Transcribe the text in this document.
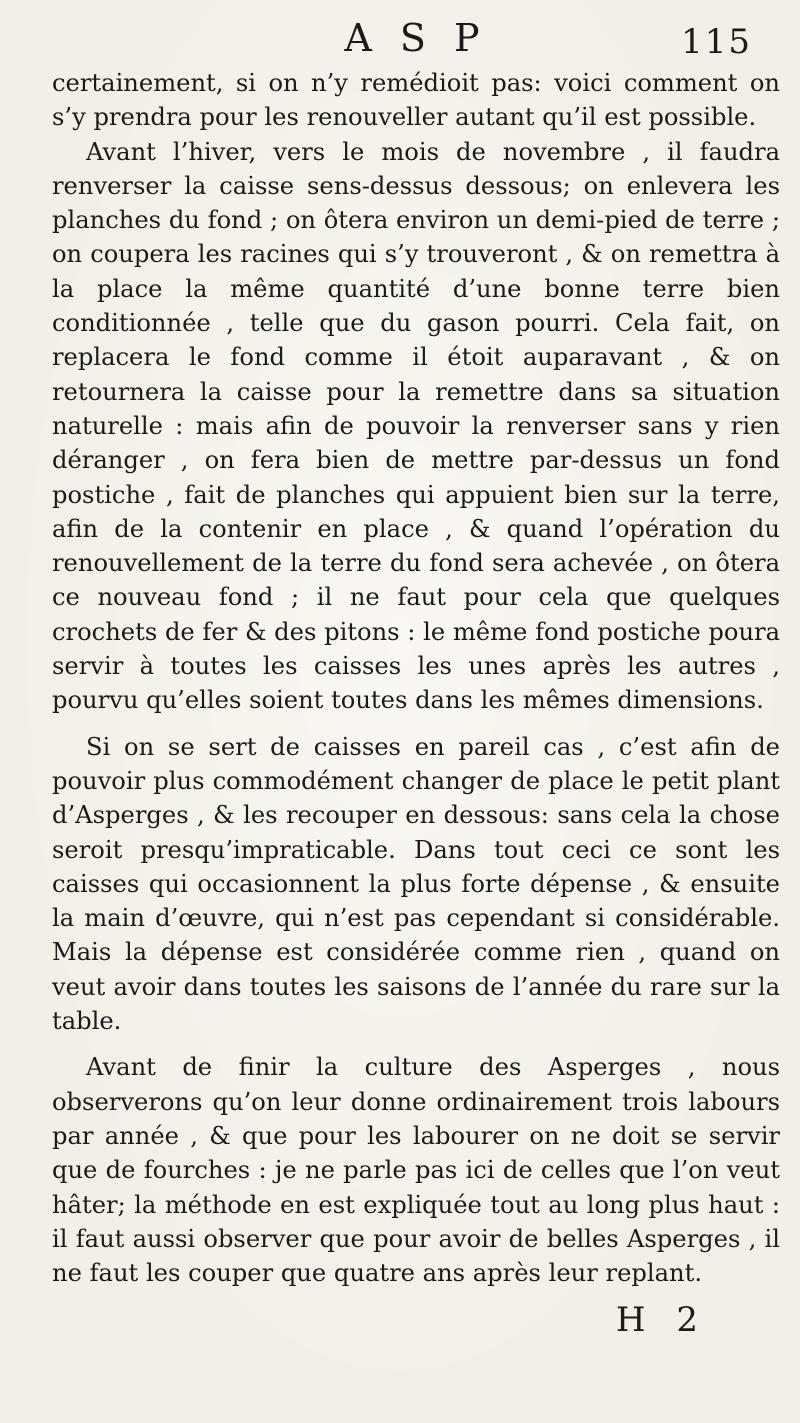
A S P	115

certainement, si on n’y remédioit pas: voici comment on s’y prendra pour les renouveller autant qu’il est possible.

Avant l’hiver, vers le mois de novembre , il faudra renverser la caisse sens-dessus dessous; on enlevera les planches du fond ; on ôtera environ un demi-pied de terre ; on coupera les racines qui s’y trouveront , & on remettra à la place la même quantité d’une bonne terre bien conditionnée , telle que du gason pourri. Cela fait, on replacera le fond comme il étoit auparavant , & on retournera la caisse pour la remettre dans sa situation naturelle : mais afin de pouvoir la renverser sans y rien déranger , on fera bien de mettre par-dessus un fond postiche , fait de planches qui appuient bien sur la terre, afin de la contenir en place , & quand l’opération du renouvellement de la terre du fond sera achevée , on ôtera ce nouveau fond ; il ne faut pour cela que quelques crochets de fer & des pitons : le même fond postiche poura servir à toutes les caisses les unes après les autres , pourvu qu’elles soient toutes dans les mêmes dimensions.

Si on se sert de caisses en pareil cas , c’est afin de pouvoir plus commodément changer de place le petit plant d’Asperges , & les recouper en dessous: sans cela la chose seroit presqu’impraticable. Dans tout ceci ce sont les caisses qui occasionnent la plus forte dépense , & ensuite la main d’œuvre, qui n’est pas cependant si considérable. Mais la dépense est considérée comme rien , quand on veut avoir dans toutes les saisons de l’année du rare sur la table.

Avant de finir la culture des Asperges , nous observerons qu’on leur donne ordinairement trois labours par année , & que pour les labourer on ne doit se servir que de fourches : je ne parle pas ici de celles que l’on veut hâter; la méthode en est expliquée tout au long plus haut : il faut aussi observer que pour avoir de belles Asperges , il ne faut les couper que quatre ans après leur replant.

H 2
